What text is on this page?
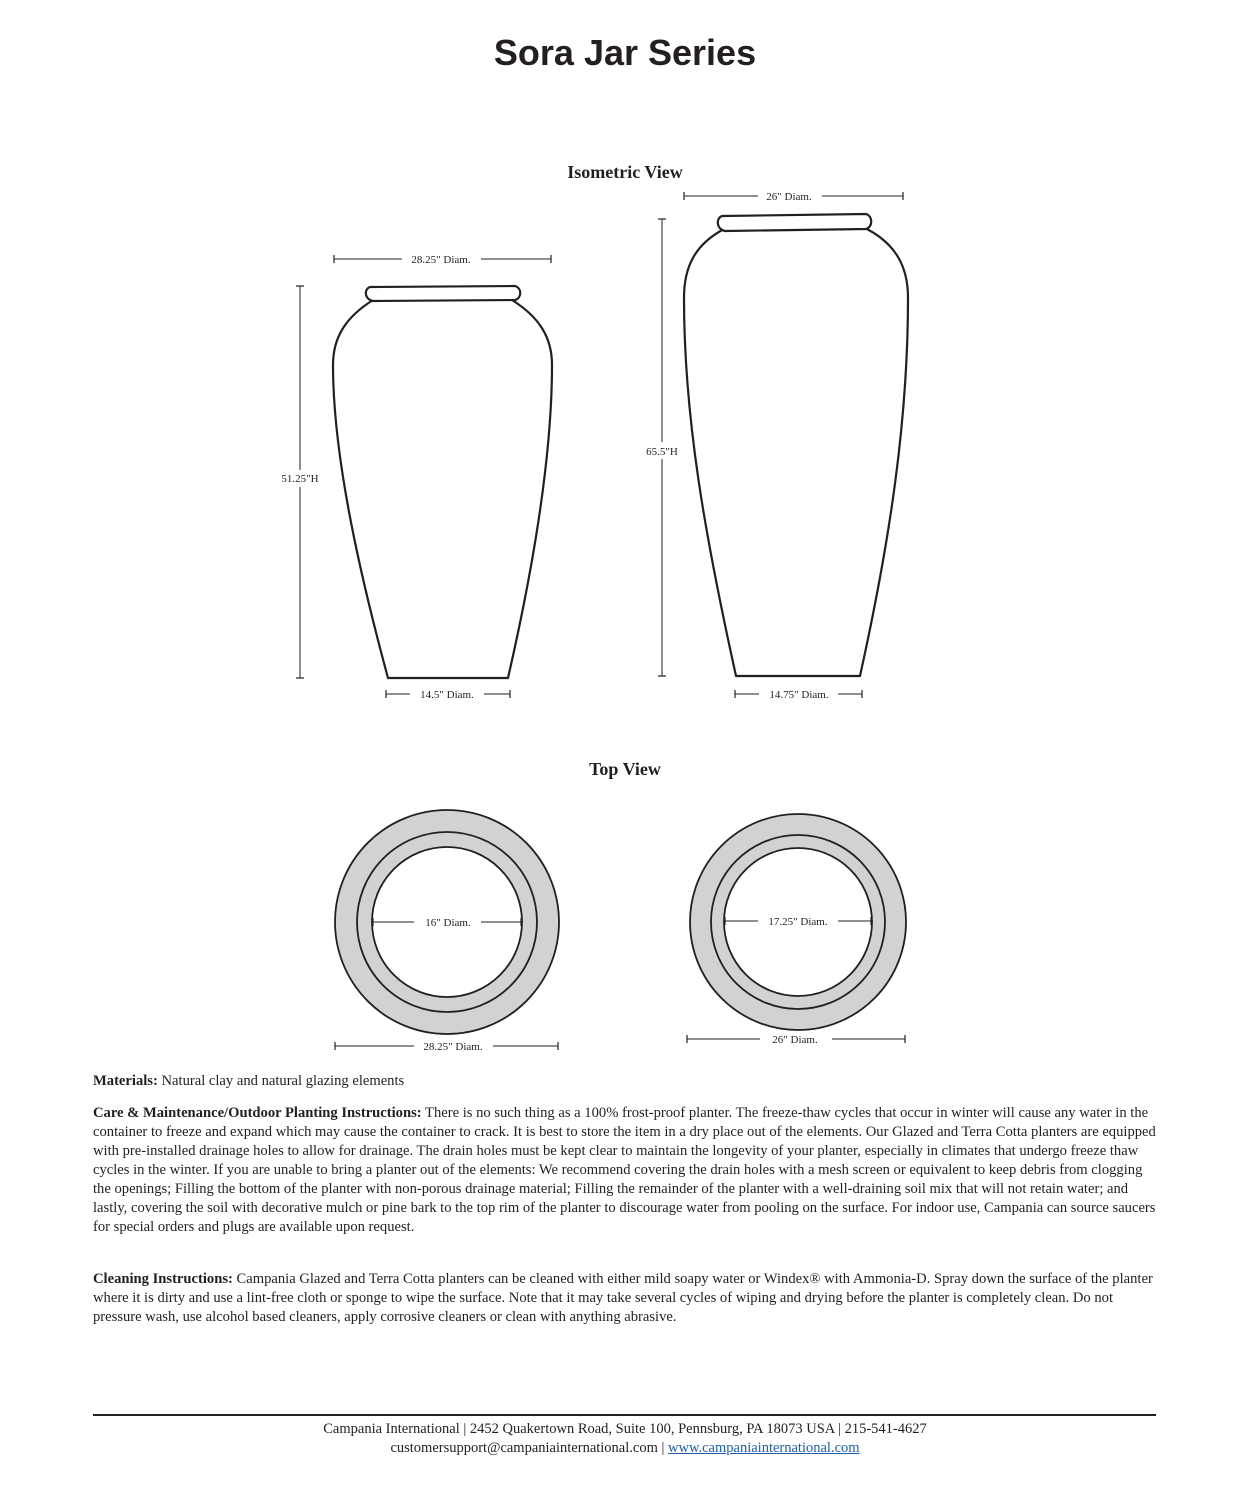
Sora Jar Series
Isometric View
Top View
28.25" Diam.
51.25"H
14.5" Diam.
26" Diam.
65.5"H
14.75" Diam.
16" Diam.
28.25" Diam.
17.25" Diam.
26" Diam.

Materials: Natural clay and natural glazing elements

Care & Maintenance/Outdoor Planting Instructions: There is no such thing as a 100% frost-proof planter. The freeze-thaw cycles that occur in winter will cause any water in the container to freeze and expand which may cause the container to crack. It is best to store the item in a dry place out of the elements. Our Glazed and Terra Cotta planters are equipped with pre-installed drainage holes to allow for drainage. The drain holes must be kept clear to maintain the longevity of your planter, especially in climates that undergo freeze thaw cycles in the winter. If you are unable to bring a planter out of the elements: We recommend covering the drain holes with a mesh screen or equivalent to keep debris from clogging the openings; Filling the bottom of the planter with non-porous drainage material; Filling the remainder of the planter with a well-draining soil mix that will not retain water; and lastly, covering the soil with decorative mulch or pine bark to the top rim of the planter to discourage water from pooling on the surface. For indoor use, Campania can source saucers for special orders and plugs are available upon request.

Cleaning Instructions: Campania Glazed and Terra Cotta planters can be cleaned with either mild soapy water or Windex® with Ammonia-D. Spray down the surface of the planter where it is dirty and use a lint-free cloth or sponge to wipe the surface. Note that it may take several cycles of wiping and drying before the planter is completely clean. Do not pressure wash, use alcohol based cleaners, apply corrosive cleaners or clean with anything abrasive.

Campania International | 2452 Quakertown Road, Suite 100, Pennsburg, PA 18073 USA | 215-541-4627

customersupport@campaniainternational.com | www.campaniainternational.com
